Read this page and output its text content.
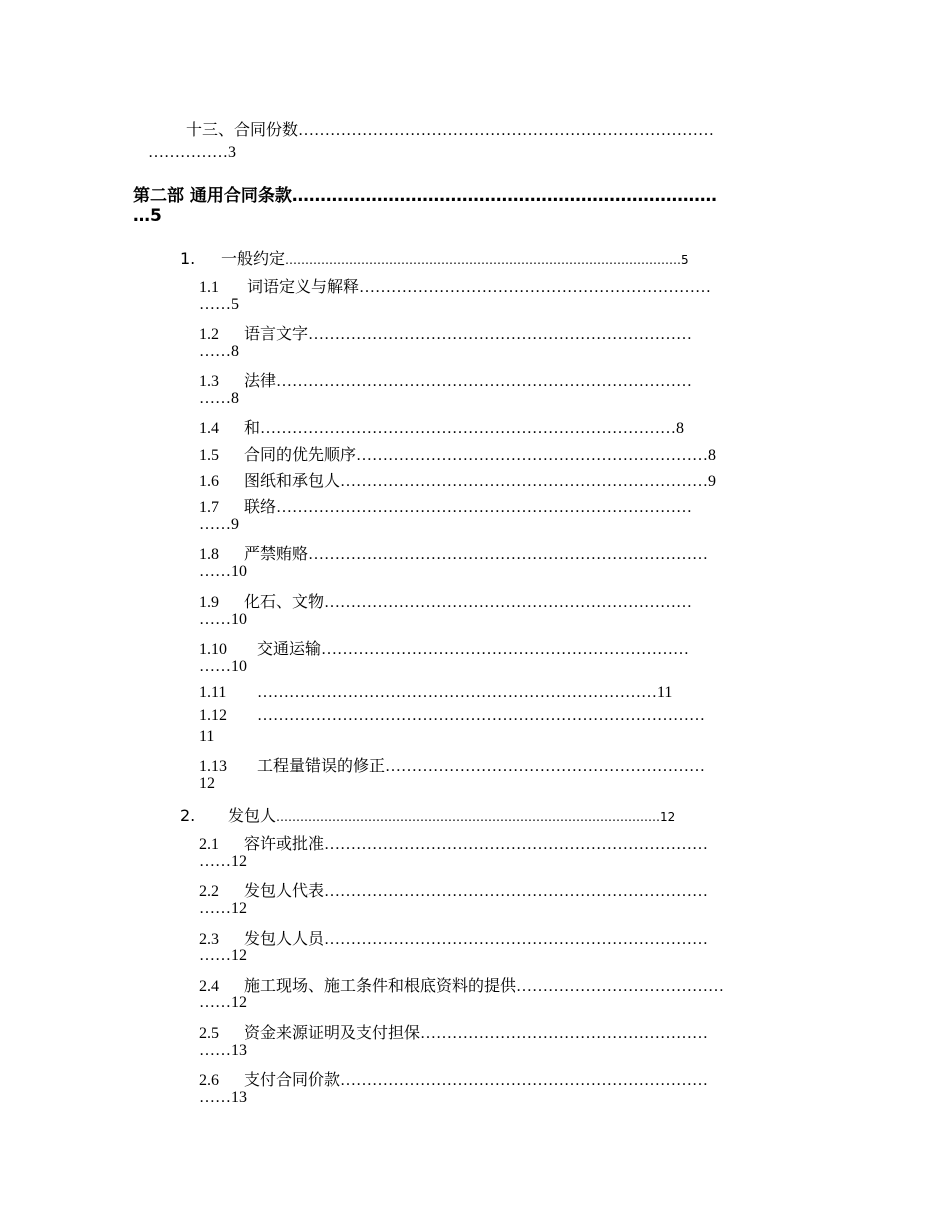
十三、合同份数……………………………………………………………………
……………3
第二部 通用合同条款…………………………………………………………………
…5
1. 一般约定………………………………………………………………………………………5
1.1 词语定义与解释…………………………………………………………
……5
1.2 语言文字………………………………………………………………
……8
1.3 法律……………………………………………………………………
……8
1.4 和……………………………………………………………………8
1.5 合同的优先顺序…………………………………………………………8
1.6 图纸和承包人……………………………………………………………9
1.7 联络……………………………………………………………………
……9
1.8 严禁贿赂…………………………………………………………………
……10
1.9 化石、文物……………………………………………………………
……10
1.10 交通运输……………………………………………………………
……10
1.11 …………………………………………………………………11
1.12 …………………………………………………………………………
11
1.13 工程量错误的修正……………………………………………………
12
2. 发包人……………………………………………………………………………………12
2.1 容许或批准………………………………………………………………
……12
2.2 发包人代表………………………………………………………………
……12
2.3 发包人人员………………………………………………………………
……12
2.4 施工现场、施工条件和根底资料的提供…………………………………
……12
2.5 资金来源证明及支付担保………………………………………………
……13
2.6 支付合同价款……………………………………………………………
……13
